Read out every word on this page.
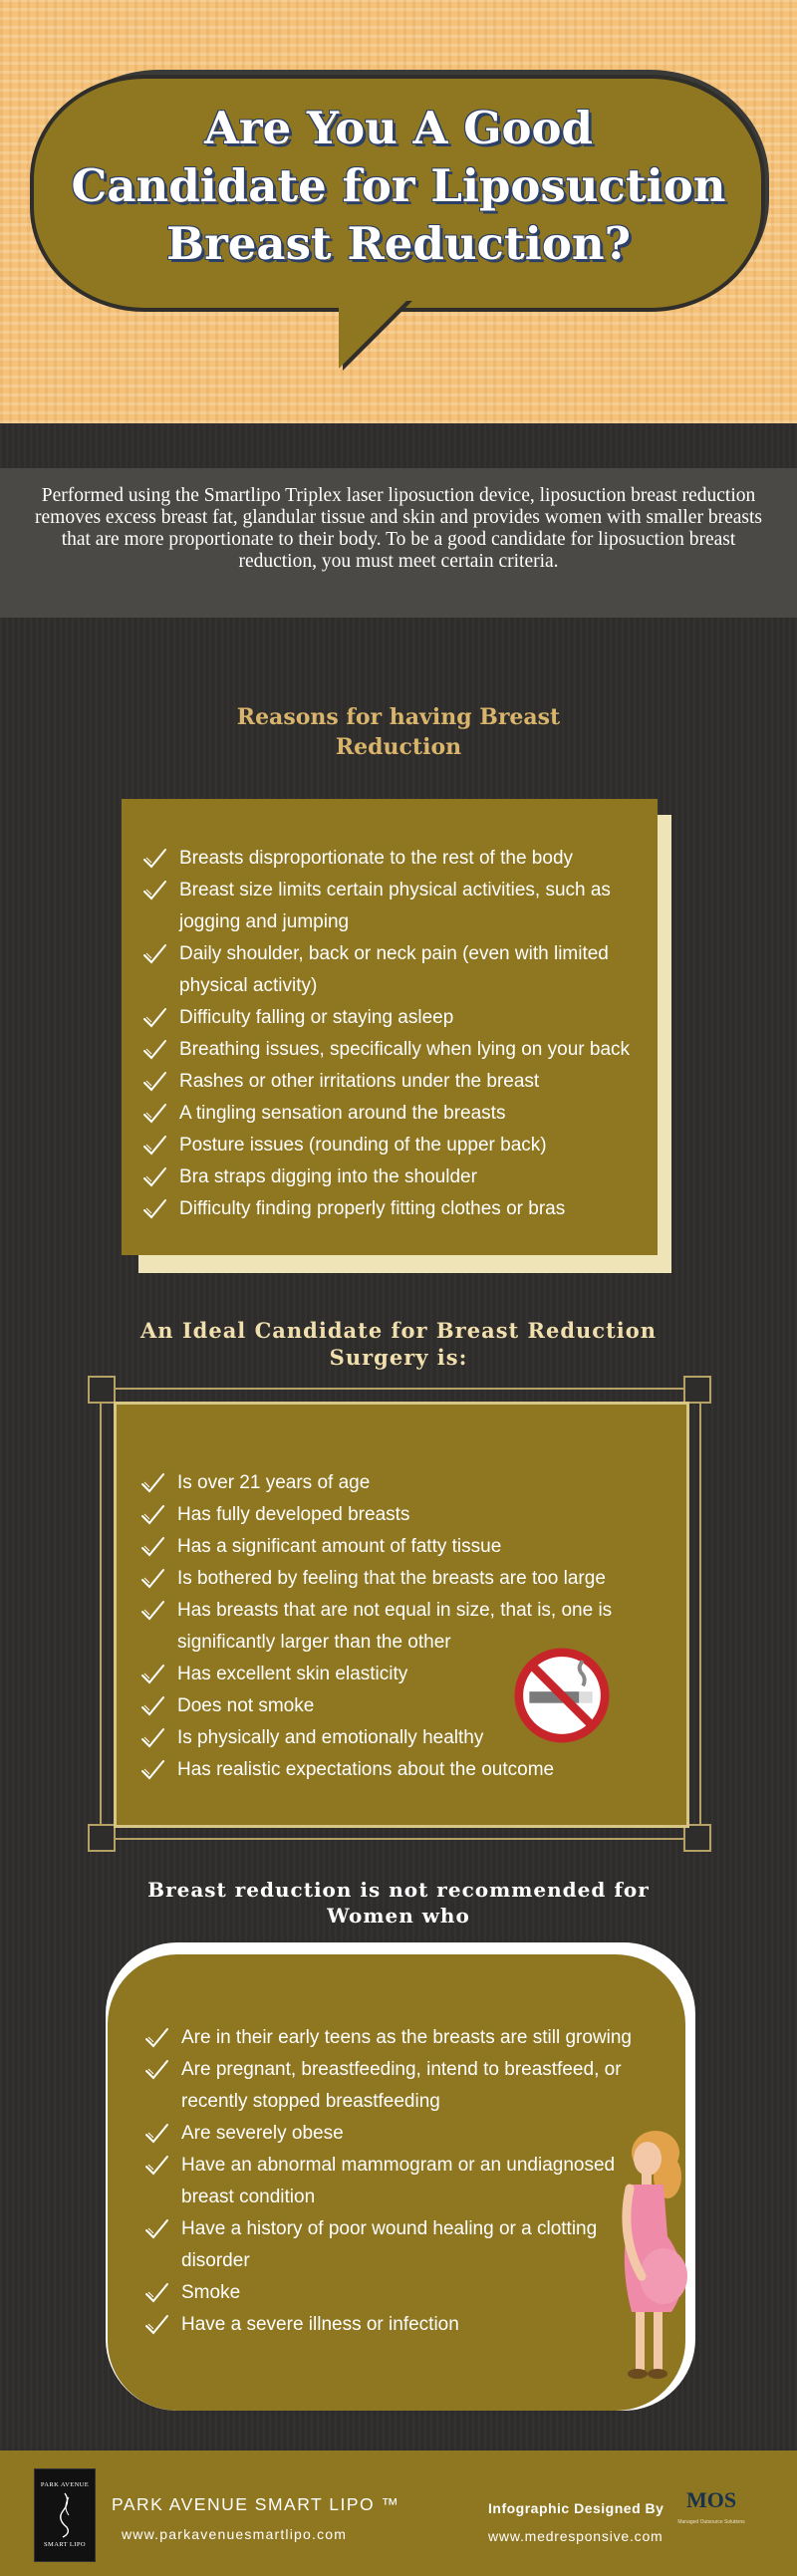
Are You A Good
Candidate for Liposuction
Breast Reduction?
Performed using the Smartlipo Triplex laser liposuction device, liposuction breast reduction removes excess breast fat, glandular tissue and skin and provides women with smaller breasts that are more proportionate to their body. To be a good candidate for liposuction breast reduction, you must meet certain criteria.
Reasons for having Breast
Reduction
Breasts disproportionate to the rest of the body
Breast size limits certain physical activities, such as
jogging and jumping
Daily shoulder, back or neck pain (even with limited
physical activity)
Difficulty falling or staying asleep
Breathing issues, specifically when lying on your back
Rashes or other irritations under the breast
A tingling sensation around the breasts
Posture issues (rounding of the upper back)
Bra straps digging into the shoulder
Difficulty finding properly fitting clothes or bras
An Ideal Candidate for Breast Reduction
Surgery is:
Is over 21 years of age
Has fully developed breasts
Has a significant amount of fatty tissue
Is bothered by feeling that the breasts are too large
Has breasts that are not equal in size, that is, one is
significantly larger than the other
Has excellent skin elasticity
Does not smoke
Is physically and emotionally healthy
Has realistic expectations about the outcome
Breast reduction is not recommended for
Women who
Are in their early teens as the breasts are still growing
Are pregnant, breastfeeding, intend to breastfeed, or
recently stopped breastfeeding
Are severely obese
Have an abnormal mammogram or an undiagnosed
breast condition
Have a history of poor wound healing or a clotting
disorder
Smoke
Have a severe illness or infection
PARK AVENUE
SMART LIPO
PARK AVENUE SMART LIPO ™
www.parkavenuesmartlipo.com
Infographic Designed By
www.medresponsive.com
MOS
Managed Outsource Solutions
